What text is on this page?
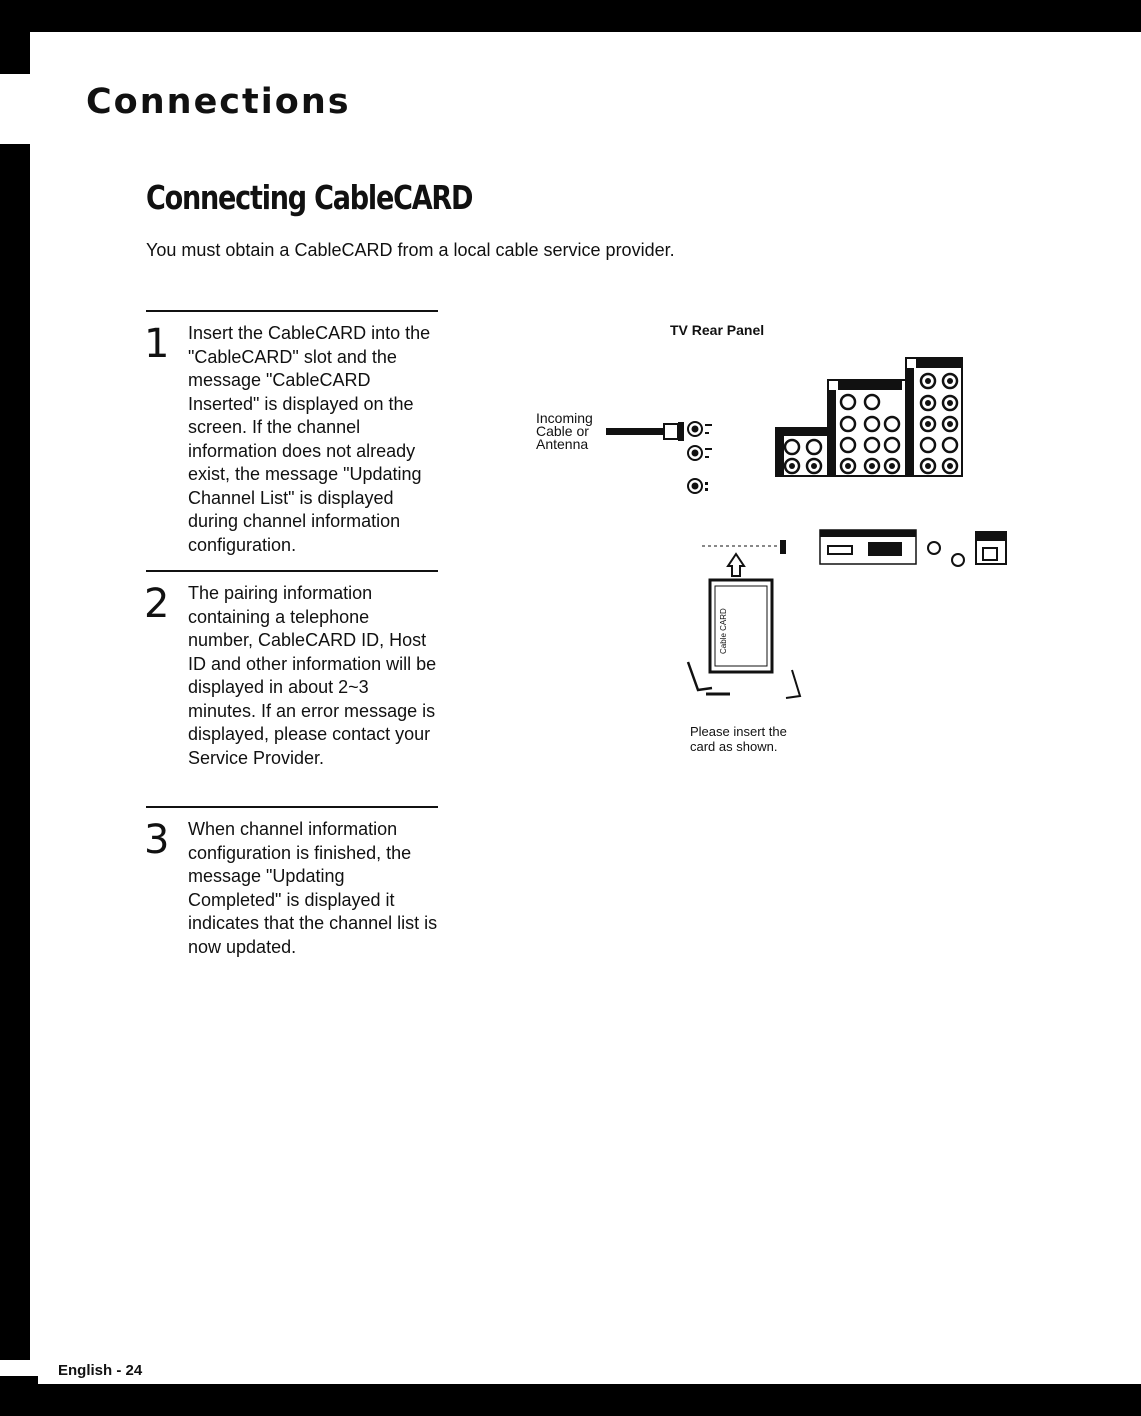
Connections
Connecting CableCARD

You must obtain a CableCARD from a local cable service provider.

1 Insert the CableCARD into the "CableCARD" slot and the message "CableCARD Inserted" is displayed on the screen. If the channel information does not already exist, the message "Updating Channel List" is displayed during channel information configuration.

2 The pairing information containing a telephone number, CableCARD ID, Host ID and other information will be displayed in about 2~3 minutes. If an error message is displayed, please contact your Service Provider.

3 When channel information configuration is finished, the message "Updating Completed" is displayed it indicates that the channel list is now updated.

Cable CARD
TV Rear Panel
Incoming
Cable or
Antenna
Please insert the
card as shown.

English - 24
